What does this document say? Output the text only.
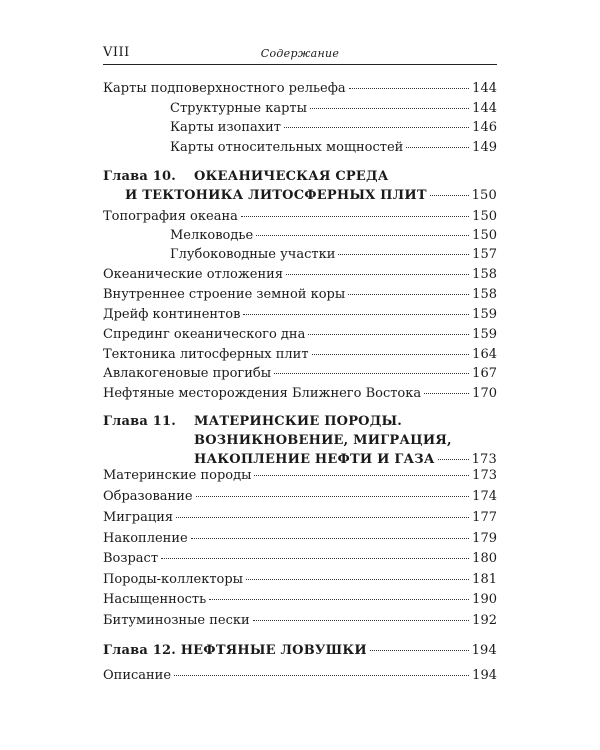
VIII	Содержание
Карты подповерхностного рельефа	144
Структурные карты	144
Карты изопахит	146
Карты относительных мощностей	149
Глава 10. ОКЕАНИЧЕСКАЯ СРЕДА
И ТЕКТОНИКА ЛИТОСФЕРНЫХ ПЛИТ	150
Топография океана	150
Мелководье	150
Глубоководные участки	157
Океанические отложения	158
Внутреннее строение земной коры	158
Дрейф континентов	159
Спрединг океанического дна	159
Тектоника литосферных плит	164
Авлакогеновые прогибы	167
Нефтяные месторождения Ближнего Востока	170
Глава 11. МАТЕРИНСКИЕ ПОРОДЫ.
ВОЗНИКНОВЕНИЕ, МИГРАЦИЯ,
НАКОПЛЕНИЕ НЕФТИ И ГАЗА	173
Материнские породы	173
Образование	174
Миграция	177
Накопление	179
Возраст	180
Породы-коллекторы	181
Насыщенность	190
Битуминозные пески	192
Глава 12. НЕФТЯНЫЕ ЛОВУШКИ	194
Описание	194
